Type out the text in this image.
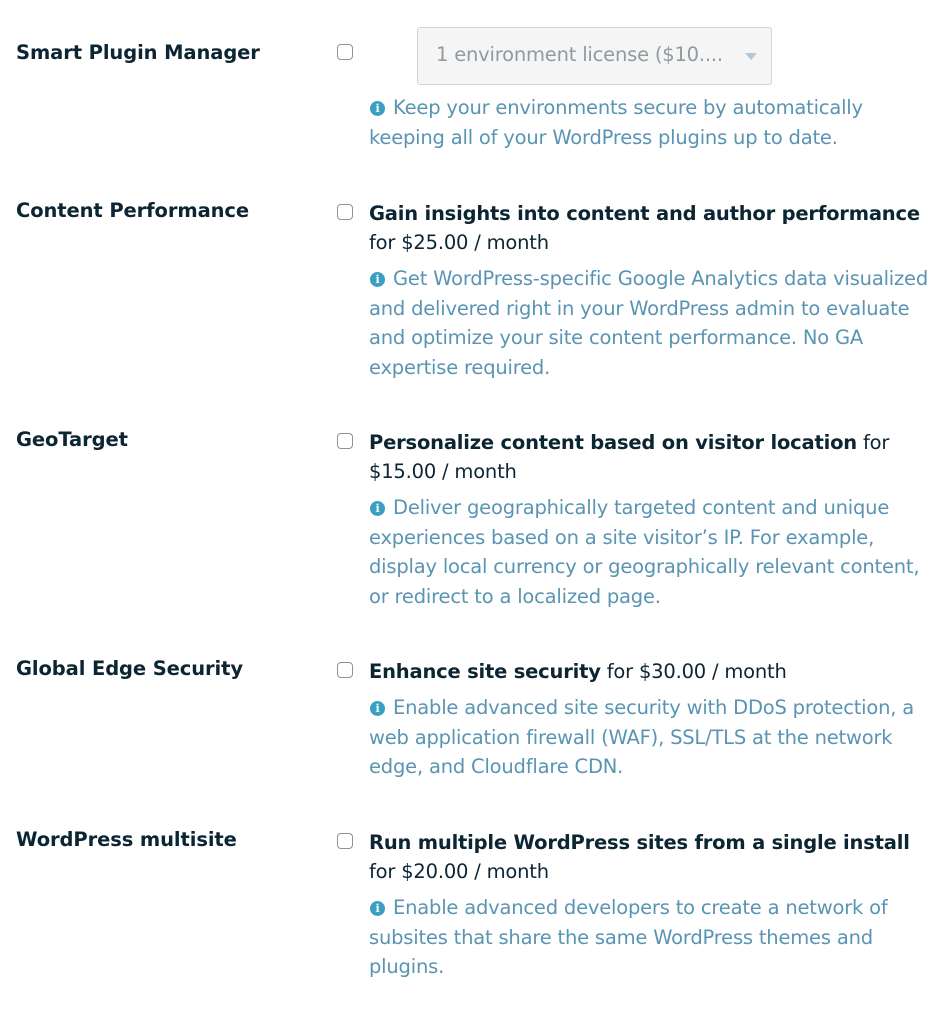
Smart Plugin Manager	1 environment license ($10....
i Keep your environments secure by automatically keeping all of your WordPress plugins up to date.
Content Performance	Gain insights into content and author performance
for $25.00 / month
i Get WordPress-specific Google Analytics data visualized and delivered right in your WordPress admin to evaluate and optimize your site content performance. No GA expertise required.
GeoTarget	Personalize content based on visitor location for $15.00 / month
i Deliver geographically targeted content and unique experiences based on a site visitor’s IP. For example, display local currency or geographically relevant content, or redirect to a localized page.
Global Edge Security	Enhance site security for $30.00 / month
i Enable advanced site security with DDoS protection, a web application firewall (WAF), SSL/TLS at the network edge, and Cloudflare CDN.
WordPress multisite	Run multiple WordPress sites from a single install
for $20.00 / month
i Enable advanced developers to create a network of subsites that share the same WordPress themes and plugins.
